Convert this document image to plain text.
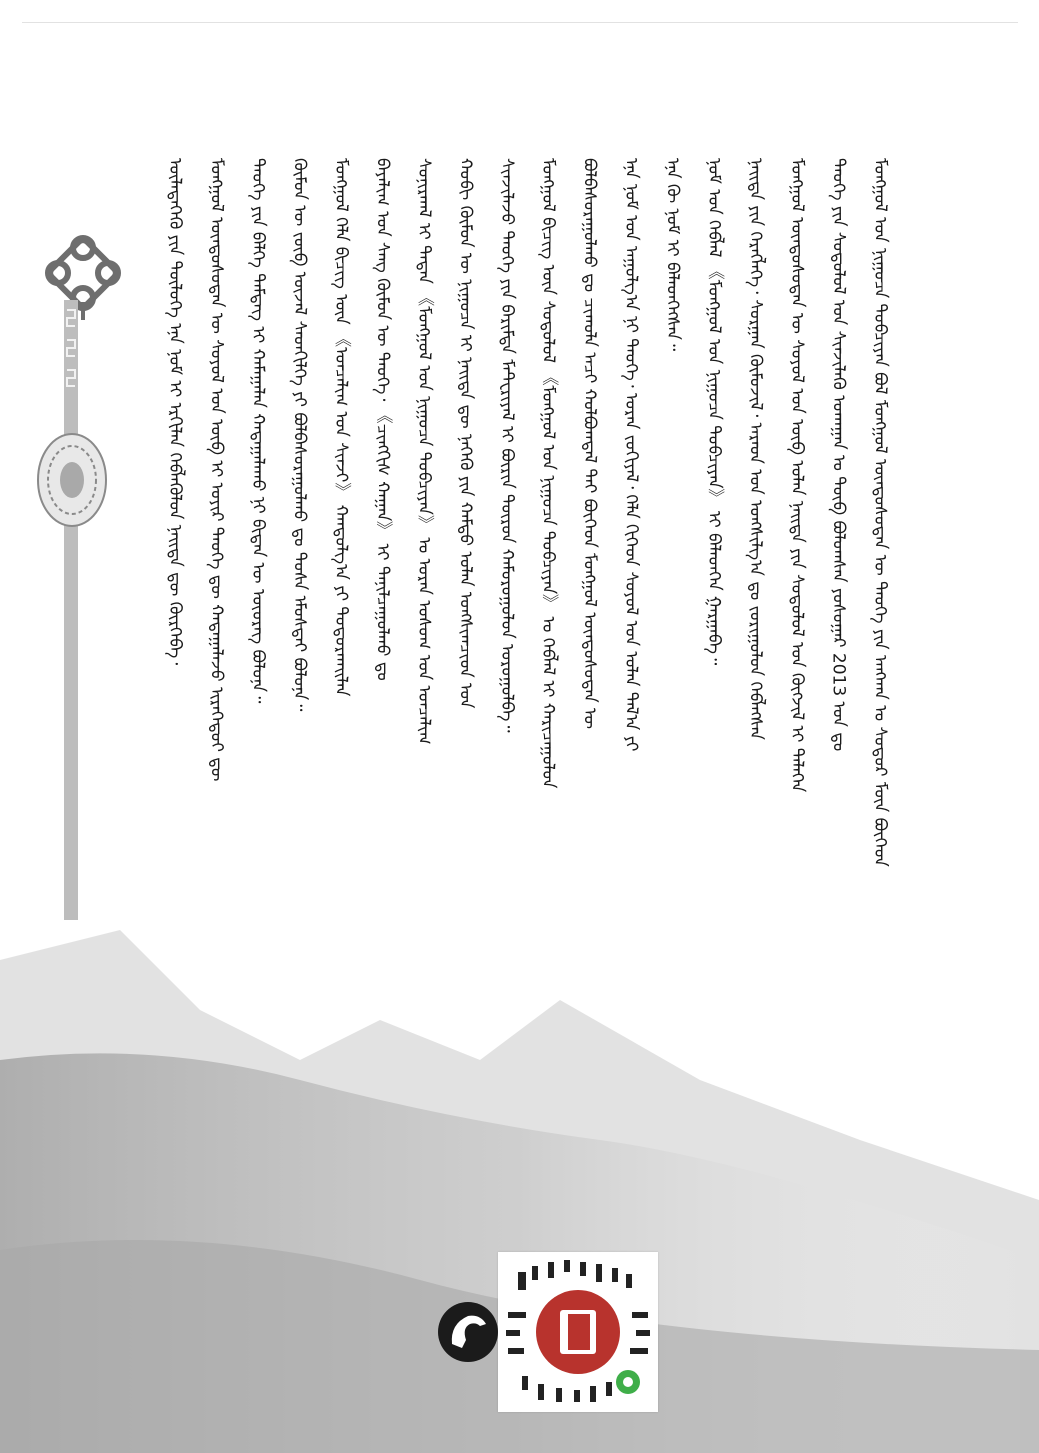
ᠦᠯᠡᠳᠡᠭᠡᠬᠦ ᠶᠢᠨ ᠲᠥᠯᠥᠭᠡ ᠡᠨᠡ ᠨᠣᠮ ᠢ ᠡᠷᠬᠢᠯᠡᠨ ᠬᠡᠪᠯᠡᠭᠦᠯᠦᠨ ᠨᠡᠢᠲᠡ ᠳᠦ ᠬᠦᠷᠭᠡᠪᠡ᠂ ᠮᠣᠩᠭᠣᠯ ᠦᠨᠳᠦᠰᠦᠲᠡᠨ ᠦ ᠰᠣᠶᠣᠯ ᠤᠨ ᠥᠪ ᠢ ᠣᠶᠢᠷ ᠲᠡᠦᠬᠡ ᠳᠦ ᠬᠠᠳᠠᠭᠠᠯᠠᠵᠤ ᠢᠷᠡᠭᠡᠳᠦᠢ ᠳᠦ ᠲᠡᠦᠬᠡ ᠶᠢᠨ ᠪᠡᠯᠭᠡ ᠲᠡᠮᠳᠡᠭ ᠢ ᠬᠠᠮᠠᠭᠠᠯᠠᠨ ᠬᠠᠳᠠᠭᠠᠯᠠᠬᠤ ᠨᠢ ᠪᠢᠳᠡᠨ ᠦ ᠦᠦᠷᠡᠭ ᠪᠣᠯᠤᠨᠠ᠃ ᠬᠦᠮᠦᠨ ᠦ ᠵᠥᠪ ᠦᠵᠡᠯ ᠰᠡᠳᠬᠢᠯᠭᠡ ᠶᠢ ᠪᠣᠯᠪᠠᠰᠤᠷᠠᠭᠤᠯᠬᠤ ᠳᠤ ᠲᠤᠰᠠ ᠡᠮᠦᠰᠲᠡᠢ ᠪᠣᠯᠤᠨᠠ᠃ ᠮᠣᠩᠭᠣᠯ ᠬᠡᠯᠡ ᠪᠢᠴᠢᠭ ᠦᠨ 《ᠣᠨᠴᠠᠯᠢᠭ ᠤᠨ ᠰᠢᠨᠵᠢ》 ᠬᠠᠨᠳᠤᠯᠭ᠎ᠠ ᠶᠢ ᠲᠣᠳᠤᠷᠬᠠᠢᠯᠠᠨ ᠪᠠᠶᠠᠯᠢᠭ ᠤᠨ ᠰᠠᠩ ᠬᠥᠮᠦᠨ ᠦ ᠲᠡᠦᠬᠡ᠂ 《ᠴᠢᠩᠭᠢᠰ ᠬᠠᠭᠠᠨ》 ᠢ ᠲᠠᠨᠢᠯᠴᠠᠭᠤᠯᠬᠤ ᠳᠤ ᠰᠣᠨᠢᠷᠬᠠᠯ ᠢ ᠲᠠᠲᠠᠨ 《ᠮᠣᠩᠭᠣᠯ ᠤᠨ ᠨᠢᠭᠤᠴᠠ ᠲᠣᠪᠴᠢᠶᠠᠨ》 ᠤ ᠤᠷᠠᠨ ᠤᠰᠤᠭ ᠤᠨ ᠣᠨᠴᠠᠯᠢᠭ ᠬᠤᠪᠢ ᠬᠥᠮᠦᠨ ᠦ ᠨᠢᠭᠤᠴᠠ ᠢ ᠨᠡᠢᠲᠡ ᠳᠦ ᠨᠡᠬᠡᠬᠦ ᠶᠢᠨ ᠬᠠᠮᠲᠤ ᠣᠯᠠᠨ ᠤᠩᠰᠢᠭᠴᠢᠳ ᠤᠨ ᠰᠢᠨᠵᠢᠯᠡᠵᠦ ᠲᠡᠦᠬᠡ ᠶᠢᠨ ᠪᠠᠷᠢᠮᠲᠠ ᠮᠠᠲᠸᠷᠢᠶᠠᠯ ᠢ ᠪᠦᠷᠢᠨ ᠳᠦᠷᠦᠨ ᠬᠠᠮᠤᠷᠤᠭᠤᠯᠤᠨ ᠣᠷᠣᠭᠤᠯᠪᠠ᠃ ᠮᠣᠩᠭᠣᠯ ᠪᠢᠴᠢᠭ ᠦᠨ ᠰᠤᠳᠤᠯᠤᠯ 《ᠮᠣᠩᠭᠣᠯ ᠤᠨ ᠨᠢᠭᠤᠴᠠ ᠲᠣᠪᠴᠢᠶᠠᠨ》 ᠤ ᠬᠡᠪᠯᠡᠯ ᠢ ᠬᠠᠷᠢᠴᠠᠭᠤᠯᠤᠨ ᠪᠣᠯᠪᠠᠰᠤᠷᠠᠭᠤᠯᠬᠤ ᠳᠤ ᠴᠢᠬᠤᠯᠠ ᠠᠴᠢ ᠬᠣᠯᠪᠣᠭᠳᠠᠯ ᠲᠠᠢ ᠪᠥᠭᠡᠳ ᠮᠣᠩᠭᠣᠯ ᠦᠨᠳᠦᠰᠦᠲᠡᠨ ᠦ ᠡᠨᠡ ᠨᠣᠮ ᠤᠨ ᠠᠭᠤᠯᠭ᠎ᠠ ᠨᠢ ᠲᠡᠦᠬᠡ᠂ ᠤᠷᠠᠨ ᠵᠣᠬᠢᠶᠠᠯ᠂ ᠬᠡᠯᠡ ᠬᠢᠭᠡᠳ ᠰᠣᠶᠣᠯ ᠤᠨ ᠣᠯᠠᠨ ᠲᠠᠯ᠎ᠠ ᠶᠢ ᠡᠨᠡ ᠬᠦ ᠨᠣᠮ ᠢ ᠪᠡᠯᠡᠳᠬᠡᠭᠰᠡᠨ᠃ ᠨᠣᠮ ᠤᠨ ᠬᠡᠪᠯᠡᠯ 《ᠮᠣᠩᠭᠣᠯ ᠤᠨ ᠨᠢᠭᠤᠴᠠ ᠲᠣᠪᠴᠢᠶᠠᠨ》 ᠢ ᠪᠡᠯᠡᠳᠬᠡᠨ ᠭᠠᠷᠭᠠᠪᠠ᠃ ᠨᠡᠢᠲᠡ ᠶᠢᠨ ᠬᠡᠷᠡᠭᠯᠡᠭᠡ᠂ ᠰᠤᠷᠭᠠᠨ ᠬᠦᠮᠦᠵᠢᠯ᠂ ᠠᠷᠠᠳ ᠤᠨ ᠤᠩᠰᠢᠯᠭ᠎ᠠ ᠳᠤ ᠵᠣᠷᠢᠭᠤᠯᠤᠨ ᠬᠡᠪᠯᠡᠭᠰᠡᠨ ᠮᠣᠩᠭᠣᠯ ᠦᠨᠳᠦᠰᠦᠲᠡᠨ ᠦ ᠰᠣᠶᠣᠯ ᠤᠨ ᠥᠪ ᠣᠯᠠᠨ ᠨᠡᠢᠲᠡ ᠶᠢᠨ ᠰᠤᠳᠤᠯᠤᠯ ᠤᠨ ᠬᠥᠭᠵᠢᠯ ᠢ ᠲᠡᠯᠡᠭᠡᠨ ᠲᠡᠦᠬᠡ ᠶᠢᠨ ᠰᠤᠳᠤᠯᠤᠯ ᠤᠨ ᠰᠢᠨᠵᠢᠯᠡᠬᠦ ᠤᠬᠠᠭᠠᠨ ᠤ ᠲᠥᠪ ᠪᠣᠯᠤᠭᠰᠠᠨ ᠶᠣᠰᠣᠭᠠᠷ 2013 ᠣᠨ ᠳᠤ ᠮᠣᠩᠭᠣᠯ ᠤᠨ ᠨᠢᠭᠤᠴᠠ ᠲᠣᠪᠴᠢᠶᠠᠨ ᠪᠣᠯ ᠮᠣᠩᠭᠣᠯ ᠦᠨᠳᠦᠰᠦᠲᠡᠨ ᠦ ᠲᠡᠦᠬᠡ ᠶᠢᠨ ᠠᠩᠬᠠᠨ ᠤ ᠰᠤᠳᠤᠷ ᠮᠥᠨ ᠪᠥᠭᠡᠳ
